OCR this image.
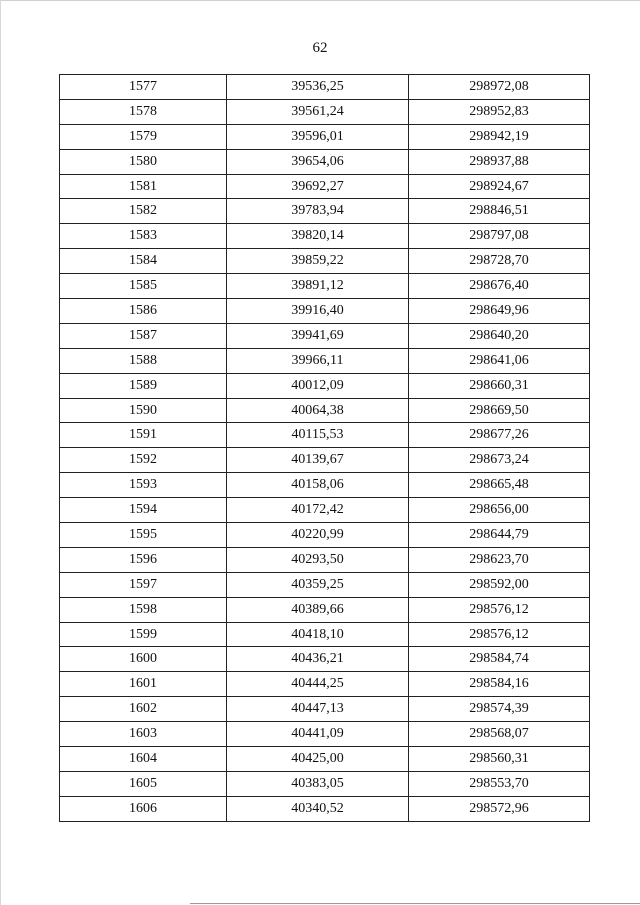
62
1577	39536,25	298972,08
1578	39561,24	298952,83
1579	39596,01	298942,19
1580	39654,06	298937,88
1581	39692,27	298924,67
1582	39783,94	298846,51
1583	39820,14	298797,08
1584	39859,22	298728,70
1585	39891,12	298676,40
1586	39916,40	298649,96
1587	39941,69	298640,20
1588	39966,11	298641,06
1589	40012,09	298660,31
1590	40064,38	298669,50
1591	40115,53	298677,26
1592	40139,67	298673,24
1593	40158,06	298665,48
1594	40172,42	298656,00
1595	40220,99	298644,79
1596	40293,50	298623,70
1597	40359,25	298592,00
1598	40389,66	298576,12
1599	40418,10	298576,12
1600	40436,21	298584,74
1601	40444,25	298584,16
1602	40447,13	298574,39
1603	40441,09	298568,07
1604	40425,00	298560,31
1605	40383,05	298553,70
1606	40340,52	298572,96
